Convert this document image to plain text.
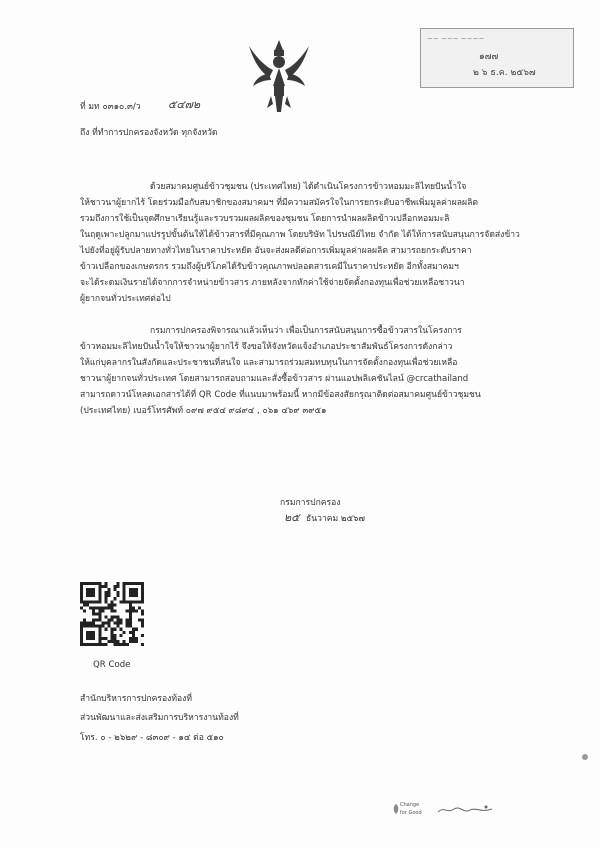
~~ ~~~ ~~~~
๑๗๗
๒ ๖ ธ.ค. ๒๕๖๗
ที่ มท ๐๓๑๐.๓/ว ๕๔๗๒
ถึง ที่ทำการปกครองจังหวัด ทุกจังหวัด
ด้วยสมาคมศูนย์ข้าวชุมชน (ประเทศไทย) ได้ดำเนินโครงการข้าวหอมมะลิไทยปันน้ำใจ
ให้ชาวนาผู้ยากไร้ โดยร่วมมือกับสมาชิกของสมาคมฯ ที่มีความสมัครใจในการยกระดับอาชีพเพิ่มมูลค่าผลผลิต
รวมถึงการใช้เป็นจุดศึกษาเรียนรู้และรวบรวมผลผลิตของชุมชน โดยการนำผลผลิตข้าวเปลือกหอมมะลิ
ในฤดูเพาะปลูกมาแปรรูปขั้นต้นให้ได้ข้าวสารที่มีคุณภาพ โดยบริษัท ไปรษณีย์ไทย จำกัด ได้ให้การสนับสนุนการจัดส่งข้าว
ไปยังที่อยู่ผู้รับปลายทางทั่วไทยในราคาประหยัด อันจะส่งผลดีต่อการเพิ่มมูลค่าผลผลิต สามารถยกระดับราคา
ข้าวเปลือกของเกษตรกร รวมถึงผู้บริโภคได้รับข้าวคุณภาพปลอดสารเคมีในราคาประหยัด อีกทั้งสมาคมฯ
จะได้ระดมเงินรายได้จากการจำหน่ายข้าวสาร ภายหลังจากหักค่าใช้จ่ายจัดตั้งกองทุนเพื่อช่วยเหลือชาวนา
ผู้ยากจนทั่วประเทศต่อไป
กรมการปกครองพิจารณาแล้วเห็นว่า เพื่อเป็นการสนับสนุนการซื้อข้าวสารในโครงการ
ข้าวหอมมะลิไทยปันน้ำใจให้ชาวนาผู้ยากไร้ จึงขอให้จังหวัดแจ้งอำเภอประชาสัมพันธ์โครงการดังกล่าว
ให้แก่บุคลากรในสังกัดและประชาชนที่สนใจ และสามารถร่วมสมทบทุนในการจัดตั้งกองทุนเพื่อช่วยเหลือ
ชาวนาผู้ยากจนทั่วประเทศ โดยสามารถสอบถามและสั่งซื้อข้าวสาร ผ่านแอปพลิเคชันไลน์ @crcathailand
สามารถดาวน์โหลดเอกสารได้ที่ QR Code ที่แนบมาพร้อมนี้ หากมีข้อสงสัยกรุณาติดต่อสมาคมศูนย์ข้าวชุมชน
(ประเทศไทย) เบอร์โทรศัพท์ ๐๙๗ ๙๕๔ ๙๘๙๔ , ๐๖๑ ๔๖๙ ๓๙๕๑
กรมการปกครอง
๒๕ ธันวาคม ๒๕๖๗
QR Code
สำนักบริหารการปกครองท้องที่
ส่วนพัฒนาและส่งเสริมการบริหารงานท้องที่
โทร. ๐ - ๒๖๒๙ - ๘๓๐๙ - ๑๔ ต่อ ๕๑๐
Change
for Good
